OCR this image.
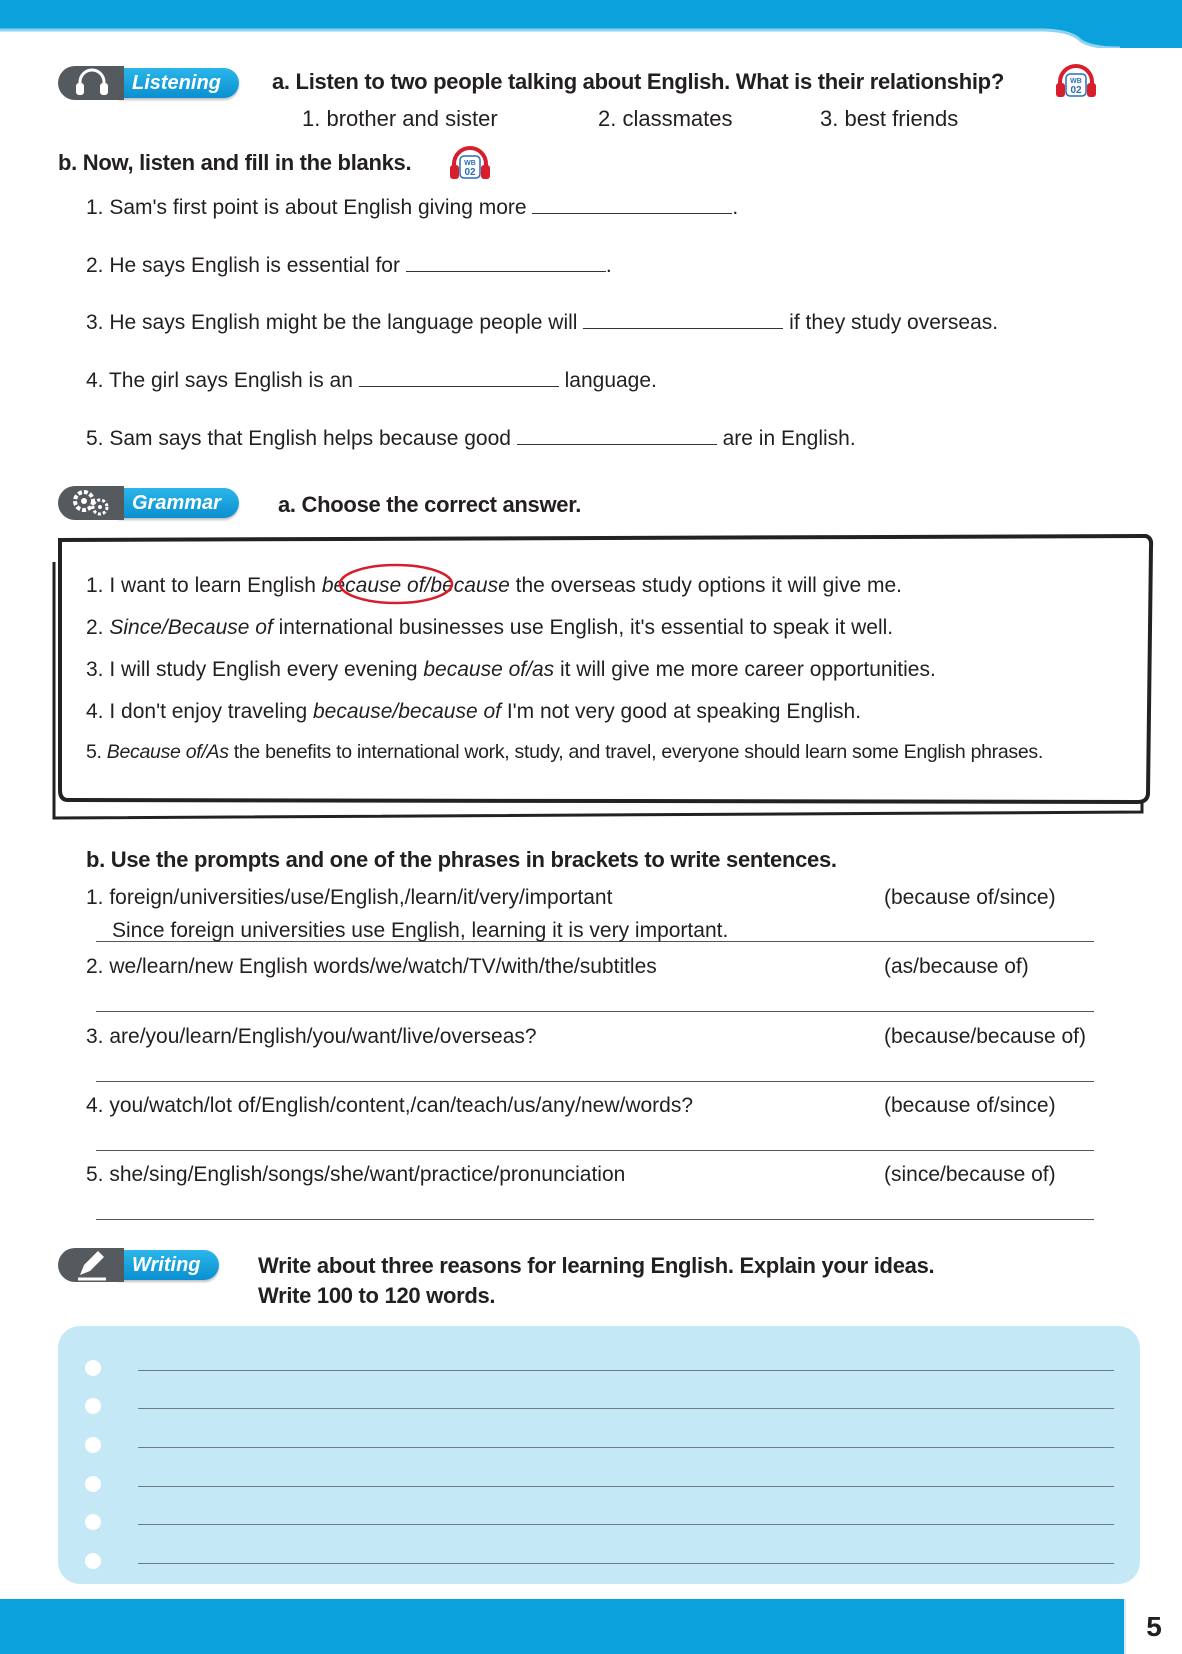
Listening	a. Listen to two people talking about English. What is their relationship?	WB
02
1. brother and sister	2. classmates	3. best friends
b. Now, listen and fill in the blanks.	WB
02
1. Sam's first point is about English giving more	.
2. He says English is essential for	.
3. He says English might be the language people will	if they study overseas.
4. The girl says English is an	language.
5. Sam says that English helps because good	are in English.
Grammar	a. Choose the correct answer.
1. I want to learn English because of/because the overseas study options it will give me.
2. Since/Because of international businesses use English, it's essential to speak it well.
3. I will study English every evening because of/as it will give me more career opportunities.
4. I don't enjoy traveling because/because of I'm not very good at speaking English.
5. Because of/As the benefits to international work, study, and travel, everyone should learn some English phrases.
b. Use the prompts and one of the phrases in brackets to write sentences.
1. foreign/universities/use/English,/learn/it/very/important	(because of/since)
Since foreign universities use English, learning it is very important.
2. we/learn/new English words/we/watch/TV/with/the/subtitles	(as/because of)
3. are/you/learn/English/you/want/live/overseas?	(because/because of)
4. you/watch/lot of/English/content,/can/teach/us/any/new/words?	(because of/since)
5. she/sing/English/songs/she/want/practice/pronunciation	(since/because of)
Writing	Write about three reasons for learning English. Explain your ideas.
Write 100 to 120 words.
5
